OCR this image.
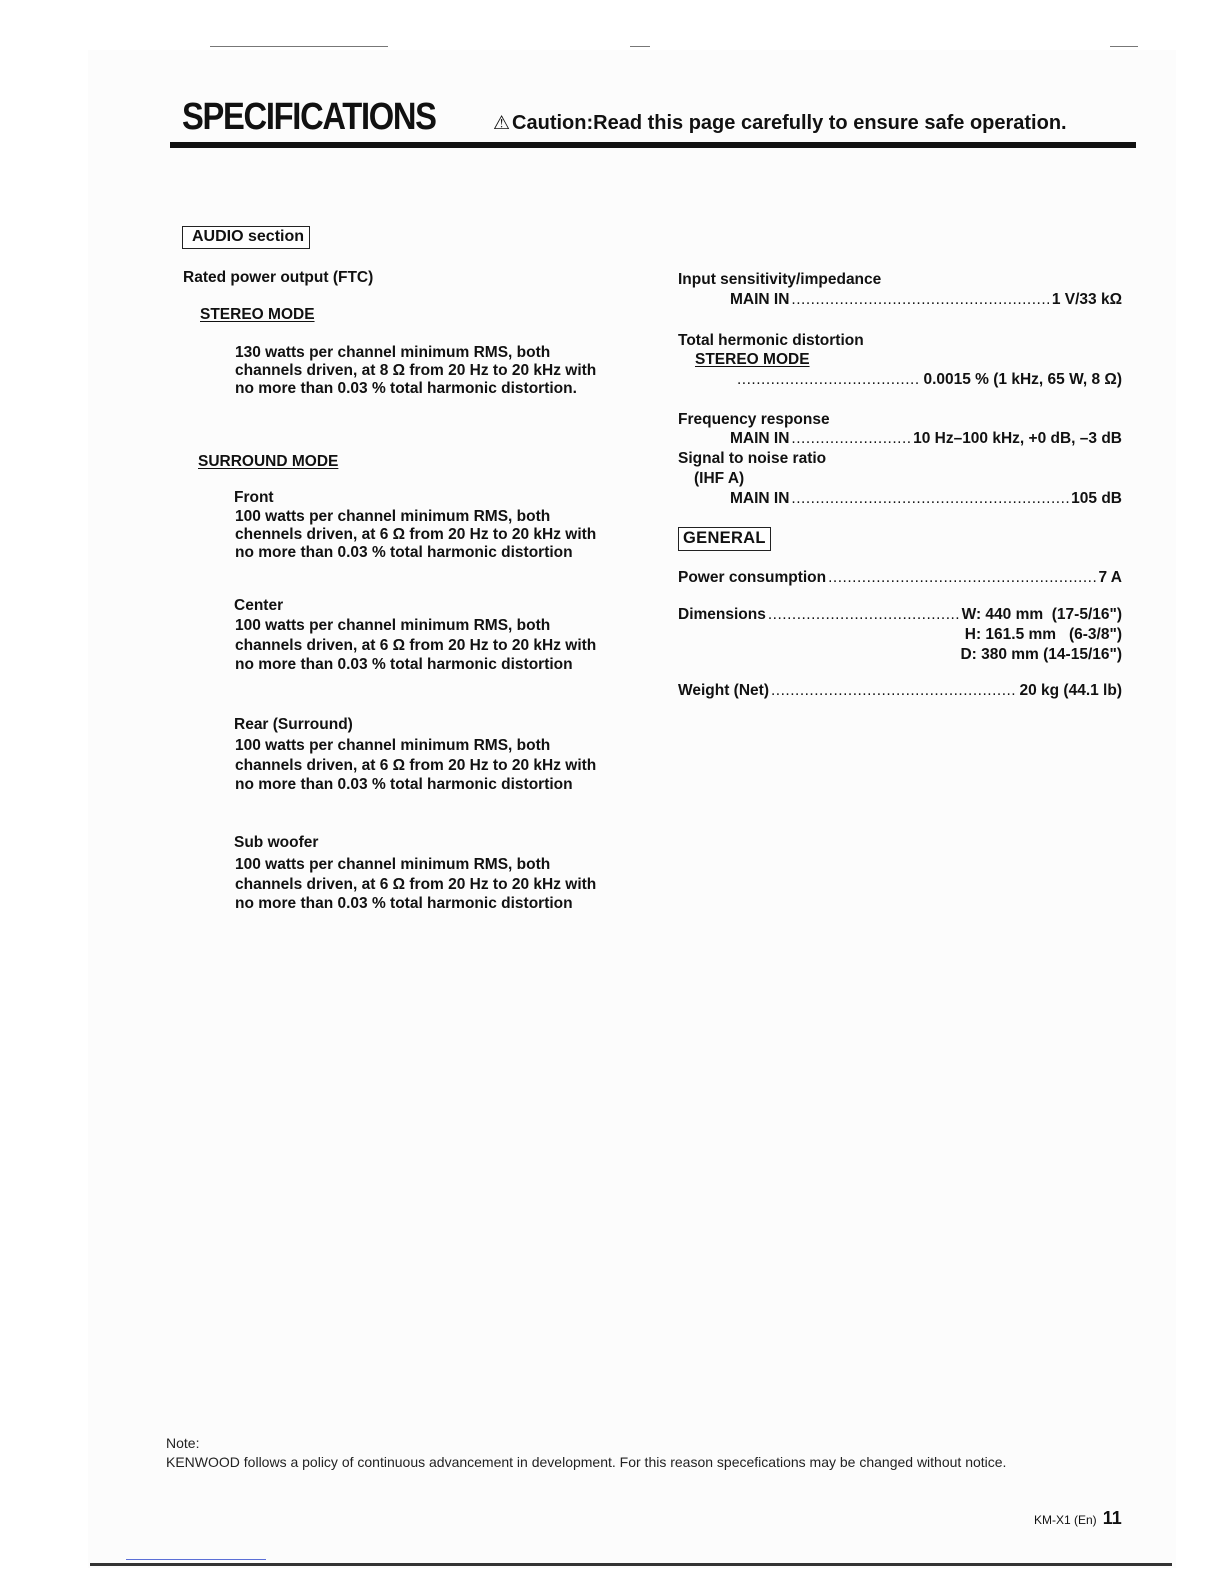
SPECIFICATIONS	⚠ Caution:Read this page carefully to ensure safe operation.
AUDIO section
Rated power output (FTC)
STEREO MODE
130 watts per channel minimum RMS, both channels driven, at 8 Ω from 20 Hz to 20 kHz with no more than 0.03 % total harmonic distortion.
SURROUND MODE
Front
100 watts per channel minimum RMS, both chennels driven, at 6 Ω from 20 Hz to 20 kHz with no more than 0.03 % total harmonic distortion
Center
100 watts per channel minimum RMS, both channels driven, at 6 Ω from 20 Hz to 20 kHz with no more than 0.03 % total harmonic distortion
Rear (Surround)
100 watts per channel minimum RMS, both channels driven, at 6 Ω from 20 Hz to 20 kHz with no more than 0.03 % total harmonic distortion
Sub woofer
100 watts per channel minimum RMS, both channels driven, at 6 Ω from 20 Hz to 20 kHz with no more than 0.03 % total harmonic distortion
Input sensitivity/impedance
MAIN IN .....	1 V/33 kΩ
Total hermonic distortion
STEREO MODE
.....
0.0015 % (1 kHz, 65 W, 8 Ω)
Frequency response
MAIN IN .....	10 Hz–100 kHz, +0 dB, –3 dB
Signal to noise ratio
(IHF A)
MAIN IN .....	105 dB
GENERAL
Power consumption .....	7 A
Dimensions .....	W: 440 mm  (17-5/16")
H: 161.5 mm   (6-3/8")
D: 380 mm (14-15/16")
Weight (Net) .....	20 kg (44.1 lb)
Note:
KENWOOD follows a policy of continuous advancement in development. For this reason specefications may be changed without notice.
KM-X1 (En) 11
